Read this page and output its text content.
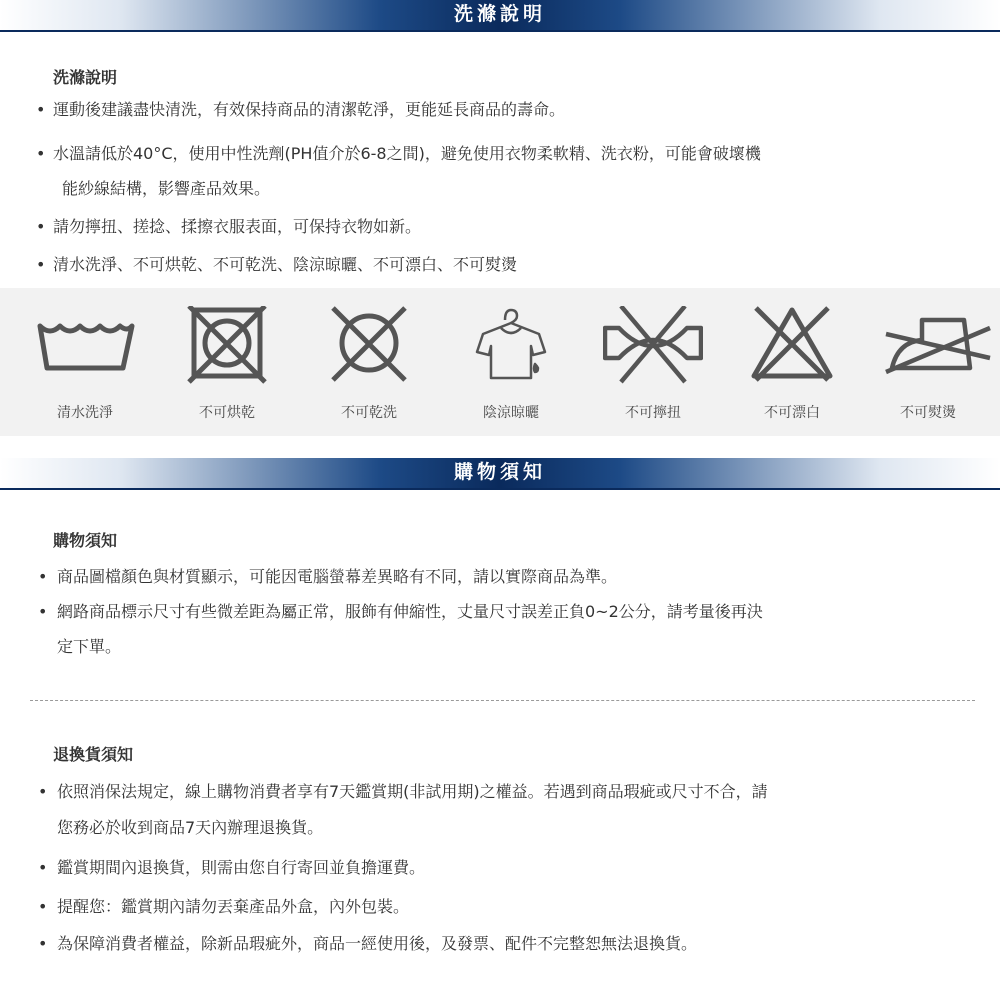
洗滌說明
洗滌說明
• 運動後建議盡快清洗，有效保持商品的清潔乾淨，更能延長商品的壽命。
• 水溫請低於40°C，使用中性洗劑(PH值介於6-8之間)，避免使用衣物柔軟精、洗衣粉，可能會破壞機
能紗線結構，影響產品效果。
• 請勿擰扭、搓捻、揉擦衣服表面，可保持衣物如新。
• 清水洗淨、不可烘乾、不可乾洗、陰涼晾曬、不可漂白、不可熨燙
清水洗淨	不可烘乾	不可乾洗	陰涼晾曬	不可擰扭	不可漂白	不可熨燙
購物須知
購物須知
• 商品圖檔顏色與材質顯示，可能因電腦螢幕差異略有不同，請以實際商品為準。
• 網路商品標示尺寸有些微差距為屬正常，服飾有伸縮性，丈量尺寸誤差正負0~2公分，請考量後再決
定下單。
退換貨須知
• 依照消保法規定，線上購物消費者享有7天鑑賞期(非試用期)之權益。若遇到商品瑕疵或尺寸不合，請
您務必於收到商品7天內辦理退換貨。
• 鑑賞期間內退換貨，則需由您自行寄回並負擔運費。
• 提醒您：鑑賞期內請勿丟棄產品外盒，內外包裝。
• 為保障消費者權益，除新品瑕疵外，商品一經使用後，及發票、配件不完整恕無法退換貨。
